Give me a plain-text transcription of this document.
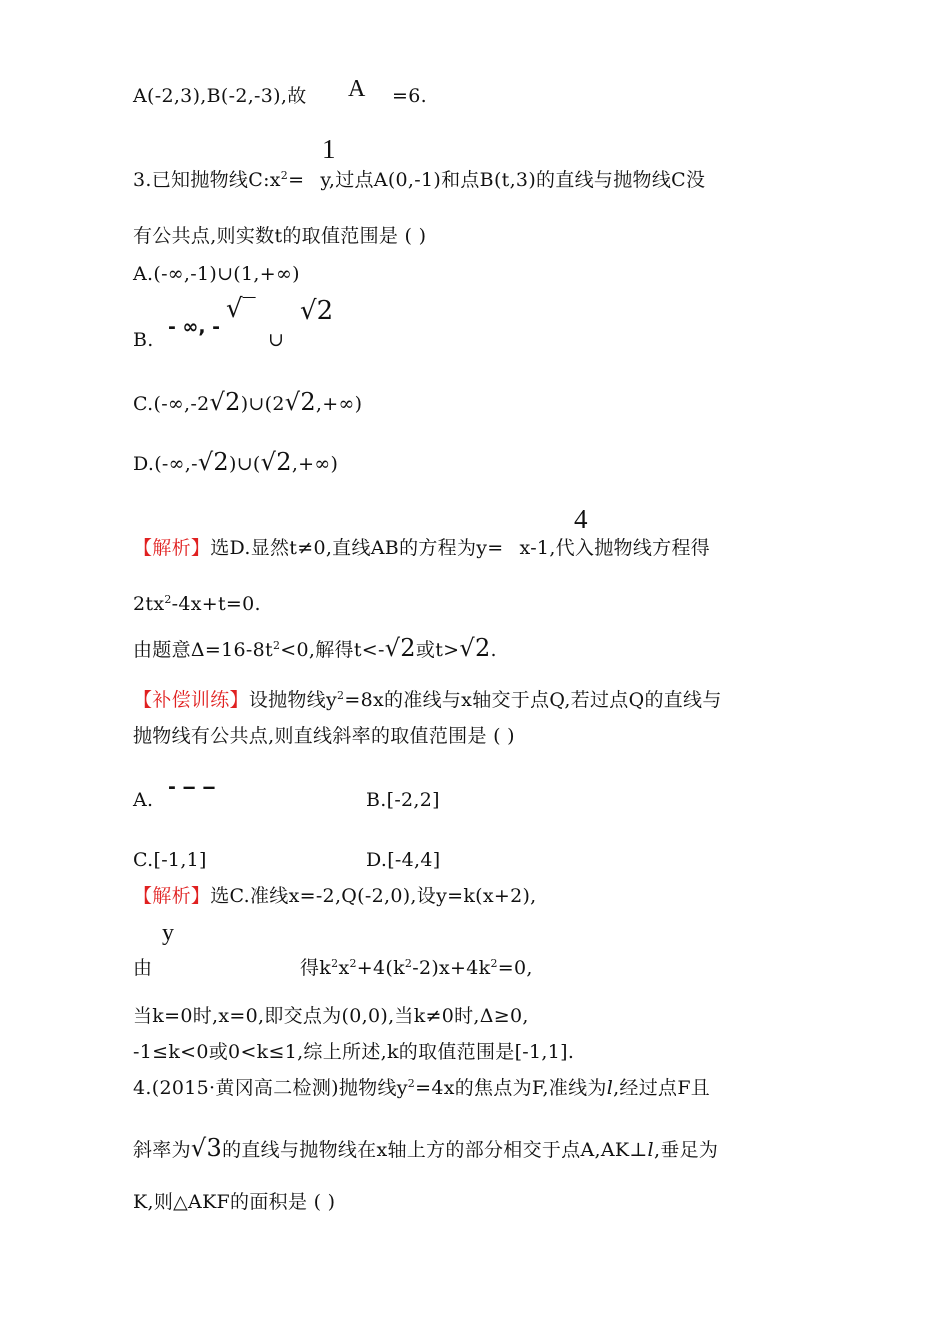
A(-2,3),B(-2,-3),故 A =6.
1
3.已知抛物线$C:x^2= y$,过点A(0,-1)和点B(t,3)的直线与抛物线C没
有公共点,则实数t的取值范围是 ( )
A.(-∞,-1)∪(1,+∞)
B.
- ∞, -
√‾
∪
√2
C.(-∞,-2√2)∪(2√2,+∞)
D.(-∞,-√2)∪(√2,+∞)
4
【解析】选D.显然t≠0,直线AB的方程为y= x-1,代入抛物线方程得
$2tx^2-4x+t=0$.
由题意$\Delta=16-8t^2<0$,解得t<-√2或t>√2.
【补偿训练】设抛物线$y^2=8x$的准线与x轴交于点Q,若过点Q的直线与
抛物线有公共点,则直线斜率的取值范围是 ( )
A.
- ‒ ‒
B.[-2,2]
C.[-1,1]	D.[-4,4]
【解析】选C.准线x=-2,Q(-2,0),设y=k(x+2),
y
由	得$k^2x^2+4(k^2-2)x+4k^2=0$,
当k=0时,x=0,即交点为(0,0),当k≠0时,Δ≥0,
-1≤k<0或0<k≤1,综上所述,k的取值范围是[-1,1].
4.(2015·黄冈高二检测)抛物线$y^2=4x$的焦点为F,准线为l,经过点F且
斜率为√3的直线与抛物线在x轴上方的部分相交于点A,AK⊥l,垂足为
K,则△AKF的面积是 ( )
